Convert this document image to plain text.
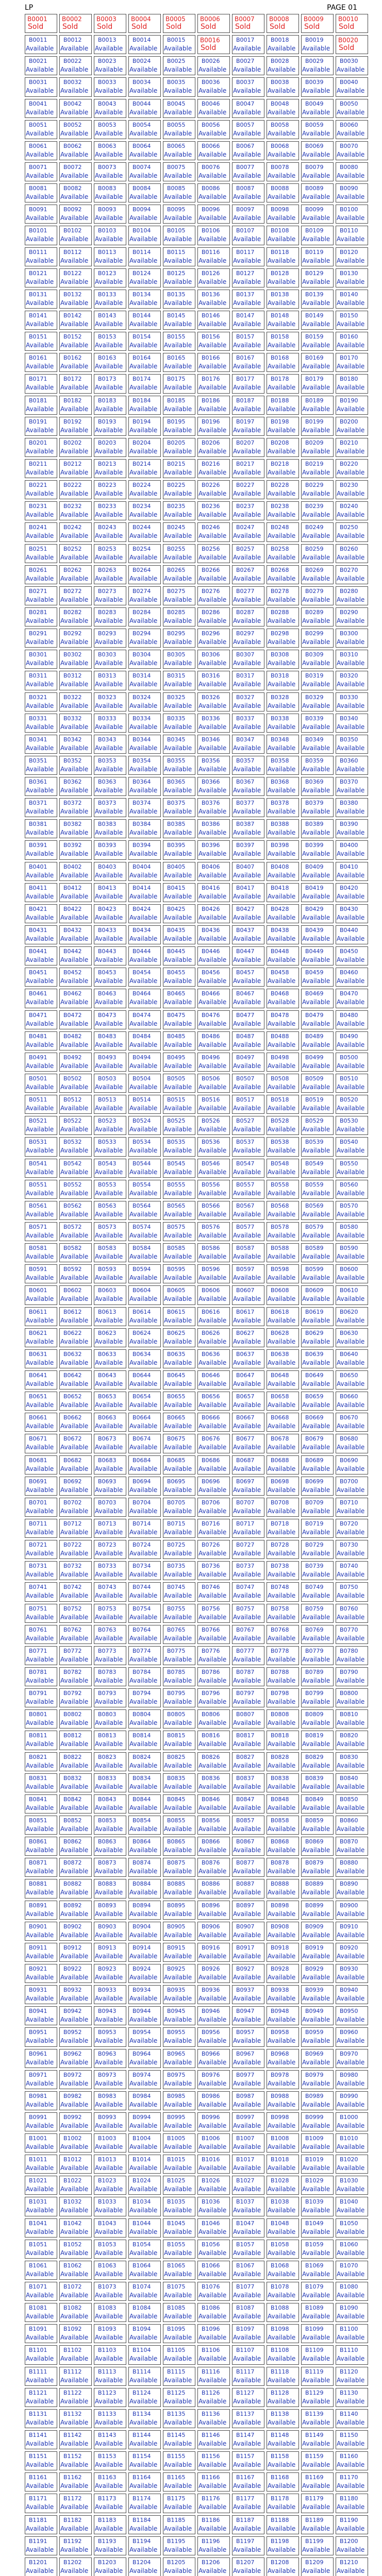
LP	PAGE 01
B0001
Sold
B0002
Sold
B0003
Sold
B0004
Sold
B0005
Sold
B0006
Sold
B0007
Sold
B0008
Sold
B0009
Sold
B0010
Sold
B0011
Available
B0012
Available
B0013
Available
B0014
Available
B0015
Available
B0016
Sold
B0017
Available
B0018
Available
B0019
Available
B0020
Sold
B0021
Available
B0022
Available
B0023
Available
B0024
Available
B0025
Available
B0026
Available
B0027
Available
B0028
Available
B0029
Available
B0030
Available
B0031
Available
B0032
Available
B0033
Available
B0034
Available
B0035
Available
B0036
Available
B0037
Available
B0038
Available
B0039
Available
B0040
Available
B0041
Available
B0042
Available
B0043
Available
B0044
Available
B0045
Available
B0046
Available
B0047
Available
B0048
Available
B0049
Available
B0050
Available
B0051
Available
B0052
Available
B0053
Available
B0054
Available
B0055
Available
B0056
Available
B0057
Available
B0058
Available
B0059
Available
B0060
Available
B0061
Available
B0062
Available
B0063
Available
B0064
Available
B0065
Available
B0066
Available
B0067
Available
B0068
Available
B0069
Available
B0070
Available
B0071
Available
B0072
Available
B0073
Available
B0074
Available
B0075
Available
B0076
Available
B0077
Available
B0078
Available
B0079
Available
B0080
Available
B0081
Available
B0082
Available
B0083
Available
B0084
Available
B0085
Available
B0086
Available
B0087
Available
B0088
Available
B0089
Available
B0090
Available
B0091
Available
B0092
Available
B0093
Available
B0094
Available
B0095
Available
B0096
Available
B0097
Available
B0098
Available
B0099
Available
B0100
Available
B0101
Available
B0102
Available
B0103
Available
B0104
Available
B0105
Available
B0106
Available
B0107
Available
B0108
Available
B0109
Available
B0110
Available
B0111
Available
B0112
Available
B0113
Available
B0114
Available
B0115
Available
B0116
Available
B0117
Available
B0118
Available
B0119
Available
B0120
Available
B0121
Available
B0122
Available
B0123
Available
B0124
Available
B0125
Available
B0126
Available
B0127
Available
B0128
Available
B0129
Available
B0130
Available
B0131
Available
B0132
Available
B0133
Available
B0134
Available
B0135
Available
B0136
Available
B0137
Available
B0138
Available
B0139
Available
B0140
Available
B0141
Available
B0142
Available
B0143
Available
B0144
Available
B0145
Available
B0146
Available
B0147
Available
B0148
Available
B0149
Available
B0150
Available
B0151
Available
B0152
Available
B0153
Available
B0154
Available
B0155
Available
B0156
Available
B0157
Available
B0158
Available
B0159
Available
B0160
Available
B0161
Available
B0162
Available
B0163
Available
B0164
Available
B0165
Available
B0166
Available
B0167
Available
B0168
Available
B0169
Available
B0170
Available
B0171
Available
B0172
Available
B0173
Available
B0174
Available
B0175
Available
B0176
Available
B0177
Available
B0178
Available
B0179
Available
B0180
Available
B0181
Available
B0182
Available
B0183
Available
B0184
Available
B0185
Available
B0186
Available
B0187
Available
B0188
Available
B0189
Available
B0190
Available
B0191
Available
B0192
Available
B0193
Available
B0194
Available
B0195
Available
B0196
Available
B0197
Available
B0198
Available
B0199
Available
B0200
Available
B0201
Available
B0202
Available
B0203
Available
B0204
Available
B0205
Available
B0206
Available
B0207
Available
B0208
Available
B0209
Available
B0210
Available
B0211
Available
B0212
Available
B0213
Available
B0214
Available
B0215
Available
B0216
Available
B0217
Available
B0218
Available
B0219
Available
B0220
Available
B0221
Available
B0222
Available
B0223
Available
B0224
Available
B0225
Available
B0226
Available
B0227
Available
B0228
Available
B0229
Available
B0230
Available
B0231
Available
B0232
Available
B0233
Available
B0234
Available
B0235
Available
B0236
Available
B0237
Available
B0238
Available
B0239
Available
B0240
Available
B0241
Available
B0242
Available
B0243
Available
B0244
Available
B0245
Available
B0246
Available
B0247
Available
B0248
Available
B0249
Available
B0250
Available
B0251
Available
B0252
Available
B0253
Available
B0254
Available
B0255
Available
B0256
Available
B0257
Available
B0258
Available
B0259
Available
B0260
Available
B0261
Available
B0262
Available
B0263
Available
B0264
Available
B0265
Available
B0266
Available
B0267
Available
B0268
Available
B0269
Available
B0270
Available
B0271
Available
B0272
Available
B0273
Available
B0274
Available
B0275
Available
B0276
Available
B0277
Available
B0278
Available
B0279
Available
B0280
Available
B0281
Available
B0282
Available
B0283
Available
B0284
Available
B0285
Available
B0286
Available
B0287
Available
B0288
Available
B0289
Available
B0290
Available
B0291
Available
B0292
Available
B0293
Available
B0294
Available
B0295
Available
B0296
Available
B0297
Available
B0298
Available
B0299
Available
B0300
Available
B0301
Available
B0302
Available
B0303
Available
B0304
Available
B0305
Available
B0306
Available
B0307
Available
B0308
Available
B0309
Available
B0310
Available
B0311
Available
B0312
Available
B0313
Available
B0314
Available
B0315
Available
B0316
Available
B0317
Available
B0318
Available
B0319
Available
B0320
Available
B0321
Available
B0322
Available
B0323
Available
B0324
Available
B0325
Available
B0326
Available
B0327
Available
B0328
Available
B0329
Available
B0330
Available
B0331
Available
B0332
Available
B0333
Available
B0334
Available
B0335
Available
B0336
Available
B0337
Available
B0338
Available
B0339
Available
B0340
Available
B0341
Available
B0342
Available
B0343
Available
B0344
Available
B0345
Available
B0346
Available
B0347
Available
B0348
Available
B0349
Available
B0350
Available
B0351
Available
B0352
Available
B0353
Available
B0354
Available
B0355
Available
B0356
Available
B0357
Available
B0358
Available
B0359
Available
B0360
Available
B0361
Available
B0362
Available
B0363
Available
B0364
Available
B0365
Available
B0366
Available
B0367
Available
B0368
Available
B0369
Available
B0370
Available
B0371
Available
B0372
Available
B0373
Available
B0374
Available
B0375
Available
B0376
Available
B0377
Available
B0378
Available
B0379
Available
B0380
Available
B0381
Available
B0382
Available
B0383
Available
B0384
Available
B0385
Available
B0386
Available
B0387
Available
B0388
Available
B0389
Available
B0390
Available
B0391
Available
B0392
Available
B0393
Available
B0394
Available
B0395
Available
B0396
Available
B0397
Available
B0398
Available
B0399
Available
B0400
Available
B0401
Available
B0402
Available
B0403
Available
B0404
Available
B0405
Available
B0406
Available
B0407
Available
B0408
Available
B0409
Available
B0410
Available
B0411
Available
B0412
Available
B0413
Available
B0414
Available
B0415
Available
B0416
Available
B0417
Available
B0418
Available
B0419
Available
B0420
Available
B0421
Available
B0422
Available
B0423
Available
B0424
Available
B0425
Available
B0426
Available
B0427
Available
B0428
Available
B0429
Available
B0430
Available
B0431
Available
B0432
Available
B0433
Available
B0434
Available
B0435
Available
B0436
Available
B0437
Available
B0438
Available
B0439
Available
B0440
Available
B0441
Available
B0442
Available
B0443
Available
B0444
Available
B0445
Available
B0446
Available
B0447
Available
B0448
Available
B0449
Available
B0450
Available
B0451
Available
B0452
Available
B0453
Available
B0454
Available
B0455
Available
B0456
Available
B0457
Available
B0458
Available
B0459
Available
B0460
Available
B0461
Available
B0462
Available
B0463
Available
B0464
Available
B0465
Available
B0466
Available
B0467
Available
B0468
Available
B0469
Available
B0470
Available
B0471
Available
B0472
Available
B0473
Available
B0474
Available
B0475
Available
B0476
Available
B0477
Available
B0478
Available
B0479
Available
B0480
Available
B0481
Available
B0482
Available
B0483
Available
B0484
Available
B0485
Available
B0486
Available
B0487
Available
B0488
Available
B0489
Available
B0490
Available
B0491
Available
B0492
Available
B0493
Available
B0494
Available
B0495
Available
B0496
Available
B0497
Available
B0498
Available
B0499
Available
B0500
Available
B0501
Available
B0502
Available
B0503
Available
B0504
Available
B0505
Available
B0506
Available
B0507
Available
B0508
Available
B0509
Available
B0510
Available
B0511
Available
B0512
Available
B0513
Available
B0514
Available
B0515
Available
B0516
Available
B0517
Available
B0518
Available
B0519
Available
B0520
Available
B0521
Available
B0522
Available
B0523
Available
B0524
Available
B0525
Available
B0526
Available
B0527
Available
B0528
Available
B0529
Available
B0530
Available
B0531
Available
B0532
Available
B0533
Available
B0534
Available
B0535
Available
B0536
Available
B0537
Available
B0538
Available
B0539
Available
B0540
Available
B0541
Available
B0542
Available
B0543
Available
B0544
Available
B0545
Available
B0546
Available
B0547
Available
B0548
Available
B0549
Available
B0550
Available
B0551
Available
B0552
Available
B0553
Available
B0554
Available
B0555
Available
B0556
Available
B0557
Available
B0558
Available
B0559
Available
B0560
Available
B0561
Available
B0562
Available
B0563
Available
B0564
Available
B0565
Available
B0566
Available
B0567
Available
B0568
Available
B0569
Available
B0570
Available
B0571
Available
B0572
Available
B0573
Available
B0574
Available
B0575
Available
B0576
Available
B0577
Available
B0578
Available
B0579
Available
B0580
Available
B0581
Available
B0582
Available
B0583
Available
B0584
Available
B0585
Available
B0586
Available
B0587
Available
B0588
Available
B0589
Available
B0590
Available
B0591
Available
B0592
Available
B0593
Available
B0594
Available
B0595
Available
B0596
Available
B0597
Available
B0598
Available
B0599
Available
B0600
Available
B0601
Available
B0602
Available
B0603
Available
B0604
Available
B0605
Available
B0606
Available
B0607
Available
B0608
Available
B0609
Available
B0610
Available
B0611
Available
B0612
Available
B0613
Available
B0614
Available
B0615
Available
B0616
Available
B0617
Available
B0618
Available
B0619
Available
B0620
Available
B0621
Available
B0622
Available
B0623
Available
B0624
Available
B0625
Available
B0626
Available
B0627
Available
B0628
Available
B0629
Available
B0630
Available
B0631
Available
B0632
Available
B0633
Available
B0634
Available
B0635
Available
B0636
Available
B0637
Available
B0638
Available
B0639
Available
B0640
Available
B0641
Available
B0642
Available
B0643
Available
B0644
Available
B0645
Available
B0646
Available
B0647
Available
B0648
Available
B0649
Available
B0650
Available
B0651
Available
B0652
Available
B0653
Available
B0654
Available
B0655
Available
B0656
Available
B0657
Available
B0658
Available
B0659
Available
B0660
Available
B0661
Available
B0662
Available
B0663
Available
B0664
Available
B0665
Available
B0666
Available
B0667
Available
B0668
Available
B0669
Available
B0670
Available
B0671
Available
B0672
Available
B0673
Available
B0674
Available
B0675
Available
B0676
Available
B0677
Available
B0678
Available
B0679
Available
B0680
Available
B0681
Available
B0682
Available
B0683
Available
B0684
Available
B0685
Available
B0686
Available
B0687
Available
B0688
Available
B0689
Available
B0690
Available
B0691
Available
B0692
Available
B0693
Available
B0694
Available
B0695
Available
B0696
Available
B0697
Available
B0698
Available
B0699
Available
B0700
Available
B0701
Available
B0702
Available
B0703
Available
B0704
Available
B0705
Available
B0706
Available
B0707
Available
B0708
Available
B0709
Available
B0710
Available
B0711
Available
B0712
Available
B0713
Available
B0714
Available
B0715
Available
B0716
Available
B0717
Available
B0718
Available
B0719
Available
B0720
Available
B0721
Available
B0722
Available
B0723
Available
B0724
Available
B0725
Available
B0726
Available
B0727
Available
B0728
Available
B0729
Available
B0730
Available
B0731
Available
B0732
Available
B0733
Available
B0734
Available
B0735
Available
B0736
Available
B0737
Available
B0738
Available
B0739
Available
B0740
Available
B0741
Available
B0742
Available
B0743
Available
B0744
Available
B0745
Available
B0746
Available
B0747
Available
B0748
Available
B0749
Available
B0750
Available
B0751
Available
B0752
Available
B0753
Available
B0754
Available
B0755
Available
B0756
Available
B0757
Available
B0758
Available
B0759
Available
B0760
Available
B0761
Available
B0762
Available
B0763
Available
B0764
Available
B0765
Available
B0766
Available
B0767
Available
B0768
Available
B0769
Available
B0770
Available
B0771
Available
B0772
Available
B0773
Available
B0774
Available
B0775
Available
B0776
Available
B0777
Available
B0778
Available
B0779
Available
B0780
Available
B0781
Available
B0782
Available
B0783
Available
B0784
Available
B0785
Available
B0786
Available
B0787
Available
B0788
Available
B0789
Available
B0790
Available
B0791
Available
B0792
Available
B0793
Available
B0794
Available
B0795
Available
B0796
Available
B0797
Available
B0798
Available
B0799
Available
B0800
Available
B0801
Available
B0802
Available
B0803
Available
B0804
Available
B0805
Available
B0806
Available
B0807
Available
B0808
Available
B0809
Available
B0810
Available
B0811
Available
B0812
Available
B0813
Available
B0814
Available
B0815
Available
B0816
Available
B0817
Available
B0818
Available
B0819
Available
B0820
Available
B0821
Available
B0822
Available
B0823
Available
B0824
Available
B0825
Available
B0826
Available
B0827
Available
B0828
Available
B0829
Available
B0830
Available
B0831
Available
B0832
Available
B0833
Available
B0834
Available
B0835
Available
B0836
Available
B0837
Available
B0838
Available
B0839
Available
B0840
Available
B0841
Available
B0842
Available
B0843
Available
B0844
Available
B0845
Available
B0846
Available
B0847
Available
B0848
Available
B0849
Available
B0850
Available
B0851
Available
B0852
Available
B0853
Available
B0854
Available
B0855
Available
B0856
Available
B0857
Available
B0858
Available
B0859
Available
B0860
Available
B0861
Available
B0862
Available
B0863
Available
B0864
Available
B0865
Available
B0866
Available
B0867
Available
B0868
Available
B0869
Available
B0870
Available
B0871
Available
B0872
Available
B0873
Available
B0874
Available
B0875
Available
B0876
Available
B0877
Available
B0878
Available
B0879
Available
B0880
Available
B0881
Available
B0882
Available
B0883
Available
B0884
Available
B0885
Available
B0886
Available
B0887
Available
B0888
Available
B0889
Available
B0890
Available
B0891
Available
B0892
Available
B0893
Available
B0894
Available
B0895
Available
B0896
Available
B0897
Available
B0898
Available
B0899
Available
B0900
Available
B0901
Available
B0902
Available
B0903
Available
B0904
Available
B0905
Available
B0906
Available
B0907
Available
B0908
Available
B0909
Available
B0910
Available
B0911
Available
B0912
Available
B0913
Available
B0914
Available
B0915
Available
B0916
Available
B0917
Available
B0918
Available
B0919
Available
B0920
Available
B0921
Available
B0922
Available
B0923
Available
B0924
Available
B0925
Available
B0926
Available
B0927
Available
B0928
Available
B0929
Available
B0930
Available
B0931
Available
B0932
Available
B0933
Available
B0934
Available
B0935
Available
B0936
Available
B0937
Available
B0938
Available
B0939
Available
B0940
Available
B0941
Available
B0942
Available
B0943
Available
B0944
Available
B0945
Available
B0946
Available
B0947
Available
B0948
Available
B0949
Available
B0950
Available
B0951
Available
B0952
Available
B0953
Available
B0954
Available
B0955
Available
B0956
Available
B0957
Available
B0958
Available
B0959
Available
B0960
Available
B0961
Available
B0962
Available
B0963
Available
B0964
Available
B0965
Available
B0966
Available
B0967
Available
B0968
Available
B0969
Available
B0970
Available
B0971
Available
B0972
Available
B0973
Available
B0974
Available
B0975
Available
B0976
Available
B0977
Available
B0978
Available
B0979
Available
B0980
Available
B0981
Available
B0982
Available
B0983
Available
B0984
Available
B0985
Available
B0986
Available
B0987
Available
B0988
Available
B0989
Available
B0990
Available
B0991
Available
B0992
Available
B0993
Available
B0994
Available
B0995
Available
B0996
Available
B0997
Available
B0998
Available
B0999
Available
B1000
Available
B1001
Available
B1002
Available
B1003
Available
B1004
Available
B1005
Available
B1006
Available
B1007
Available
B1008
Available
B1009
Available
B1010
Available
B1011
Available
B1012
Available
B1013
Available
B1014
Available
B1015
Available
B1016
Available
B1017
Available
B1018
Available
B1019
Available
B1020
Available
B1021
Available
B1022
Available
B1023
Available
B1024
Available
B1025
Available
B1026
Available
B1027
Available
B1028
Available
B1029
Available
B1030
Available
B1031
Available
B1032
Available
B1033
Available
B1034
Available
B1035
Available
B1036
Available
B1037
Available
B1038
Available
B1039
Available
B1040
Available
B1041
Available
B1042
Available
B1043
Available
B1044
Available
B1045
Available
B1046
Available
B1047
Available
B1048
Available
B1049
Available
B1050
Available
B1051
Available
B1052
Available
B1053
Available
B1054
Available
B1055
Available
B1056
Available
B1057
Available
B1058
Available
B1059
Available
B1060
Available
B1061
Available
B1062
Available
B1063
Available
B1064
Available
B1065
Available
B1066
Available
B1067
Available
B1068
Available
B1069
Available
B1070
Available
B1071
Available
B1072
Available
B1073
Available
B1074
Available
B1075
Available
B1076
Available
B1077
Available
B1078
Available
B1079
Available
B1080
Available
B1081
Available
B1082
Available
B1083
Available
B1084
Available
B1085
Available
B1086
Available
B1087
Available
B1088
Available
B1089
Available
B1090
Available
B1091
Available
B1092
Available
B1093
Available
B1094
Available
B1095
Available
B1096
Available
B1097
Available
B1098
Available
B1099
Available
B1100
Available
B1101
Available
B1102
Available
B1103
Available
B1104
Available
B1105
Available
B1106
Available
B1107
Available
B1108
Available
B1109
Available
B1110
Available
B1111
Available
B1112
Available
B1113
Available
B1114
Available
B1115
Available
B1116
Available
B1117
Available
B1118
Available
B1119
Available
B1120
Available
B1121
Available
B1122
Available
B1123
Available
B1124
Available
B1125
Available
B1126
Available
B1127
Available
B1128
Available
B1129
Available
B1130
Available
B1131
Available
B1132
Available
B1133
Available
B1134
Available
B1135
Available
B1136
Available
B1137
Available
B1138
Available
B1139
Available
B1140
Available
B1141
Available
B1142
Available
B1143
Available
B1144
Available
B1145
Available
B1146
Available
B1147
Available
B1148
Available
B1149
Available
B1150
Available
B1151
Available
B1152
Available
B1153
Available
B1154
Available
B1155
Available
B1156
Available
B1157
Available
B1158
Available
B1159
Available
B1160
Available
B1161
Available
B1162
Available
B1163
Available
B1164
Available
B1165
Available
B1166
Available
B1167
Available
B1168
Available
B1169
Available
B1170
Available
B1171
Available
B1172
Available
B1173
Available
B1174
Available
B1175
Available
B1176
Available
B1177
Available
B1178
Available
B1179
Available
B1180
Available
B1181
Available
B1182
Available
B1183
Available
B1184
Available
B1185
Available
B1186
Available
B1187
Available
B1188
Available
B1189
Available
B1190
Available
B1191
Available
B1192
Available
B1193
Available
B1194
Available
B1195
Available
B1196
Available
B1197
Available
B1198
Available
B1199
Available
B1200
Available
B1201
Available
B1202
Available
B1203
Available
B1204
Available
B1205
Available
B1206
Available
B1207
Available
B1208
Available
B1209
Available
B1210
Available
